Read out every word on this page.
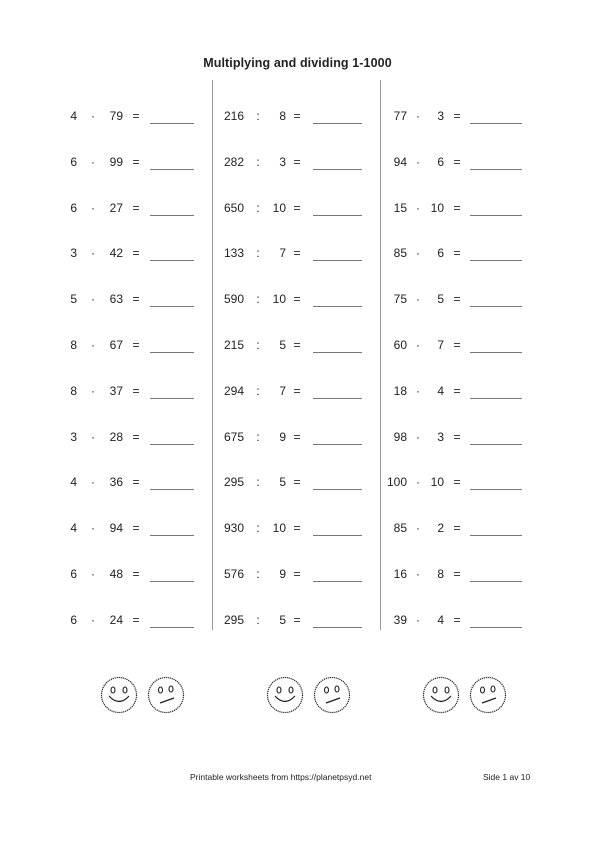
Multiplying and dividing 1-1000
4 ·	79 =
6 ·	99 =
6 ·	27 =
3 ·	42 =
5 ·	63 =
8 ·	67 =
8 ·	37 =
3 ·	28 =
4 ·	36 =
4 ·	94 =
6 ·	48 =
6 ·	24 =
216 :	8 =
282 :	3 =
650 :	10 =
133 :	7 =
590 :	10 =
215 :	5 =
294 :	7 =
675 :	9 =
295 :	5 =
930 :	10 =
576 :	9 =
295 :	5 =
77 ·	3 =
94 ·	6 =
15 · 10 =
85 ·	6 =
75 ·	5 =
60 ·	7 =
18 ·	4 =
98 ·	3 =
100 · 10 =
85 ·	2 =
16 ·	8 =
39 ·	4 =
Printable worksheets from https://planetpsyd.net	Side 1 av 10
